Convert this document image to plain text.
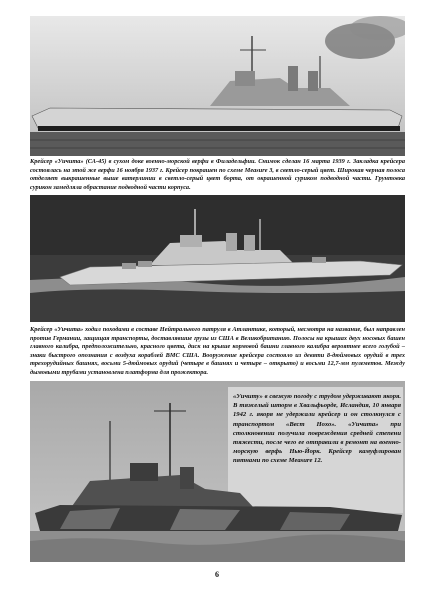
Крейсер «Уичита» (СА-45) в сухом доке военно-морской верфи в Филадельфии. Снимок сделан 16 марта 1939 г. Закладка крейсера состоялась на этой же верфи 16 ноября 1937 г. Крейсер покрашен по схеме Measure 3, в светло-серый цвет. Широкая черная полоса отделяет выкрашенные выше ватерлинии в светло-серый цвет борта, от окрашенной суриком подводной части. Грунтовка сурикон замедляла обрастание подводной части корпуса.

Крейсер «Уичита» ходил походами в составе Нейтрального патруля в Атлантике, который, несмотря на название, был направлен против Германии, защищая транспорты, доставлявшие грузы из США в Великобританию. Полосы на крышах двух носовых башен главного калибра, предположительно, красного цвета, диск на крыше кормовой башни главного калибра вероятнее всего голубой – знаки быстрого опознания с воздуха кораблей ВМС США. Вооружение крейсера состояло из девяти 8-дюймовых орудий в трех трехорудийных башнях, восьми 5-дюймовых орудий (четыре в башнях и четыре – открыто) и восьми 12,7-мм пулеметов. Между дымовыми трубами установлена платформа для прожектора.

«Уичиту» в свежую погоду с трудом удерживают якоря. В тяжелый шторм в Хвальфьорде, Исландия, 10 января 1942 г. якоря не удержали крейсер и он столкнулся с транспортом «Вест Нохо». «Уичита» при столкновении получила повреждения средней степени тяжести, после чего ее отправили в ремонт на военно-морскую верфь Нью-Йорк. Крейсер камуфлирован пятнами по схеме Measure 12.

6
